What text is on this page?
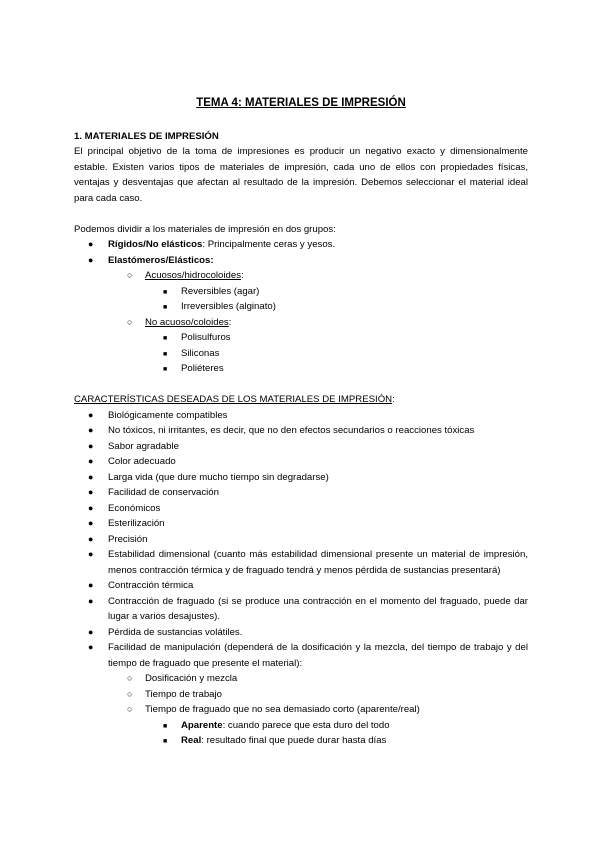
TEMA 4: MATERIALES DE IMPRESIÓN

1. MATERIALES DE IMPRESIÓN

El principal objetivo de la toma de impresiones es producir un negativo exacto y dimensionalmente estable. Existen varios tipos de materiales de impresión, cada uno de ellos con propiedades físicas, ventajas y desventajas que afectan al resultado de la impresión. Debemos seleccionar el material ideal para cada caso.

Podemos dividir a los materiales de impresión en dos grupos:

● Rígidos/No elásticos: Principalmente ceras y yesos.
● Elastómeros/Elásticos:
○ Acuosos/hidrocoloides:
■ Reversibles (agar)
■ Irreversibles (alginato)
○ No acuoso/coloides:
■ Polisulfuros
■ Siliconas
■ Poliéteres

CARACTERÍSTICAS DESEADAS DE LOS MATERIALES DE IMPRESIÓN:

● Biológicamente compatibles
● No tóxicos, ni irritantes, es decir, que no den efectos secundarios o reacciones tóxicas
● Sabor agradable
● Color adecuado
● Larga vida (que dure mucho tiempo sin degradarse)
● Facilidad de conservación
● Económicos
● Esterilización
● Precisión
● Estabilidad dimensional (cuanto más estabilidad dimensional presente un material de impresión, menos contracción térmica y de fraguado tendrá y menos pérdida de sustancias presentará)
● Contracción térmica
● Contracción de fraguado (si se produce una contracción en el momento del fraguado, puede dar lugar a varios desajustes).
● Pérdida de sustancias volátiles.
● Facilidad de manipulación (dependerá de la dosificación y la mezcla, del tiempo de trabajo y del tiempo de fraguado que presente el material):
○ Dosificación y mezcla
○ Tiempo de trabajo
○ Tiempo de fraguado que no sea demasiado corto (aparente/real)
■ Aparente: cuando parece que esta duro del todo
■ Real: resultado final que puede durar hasta días
